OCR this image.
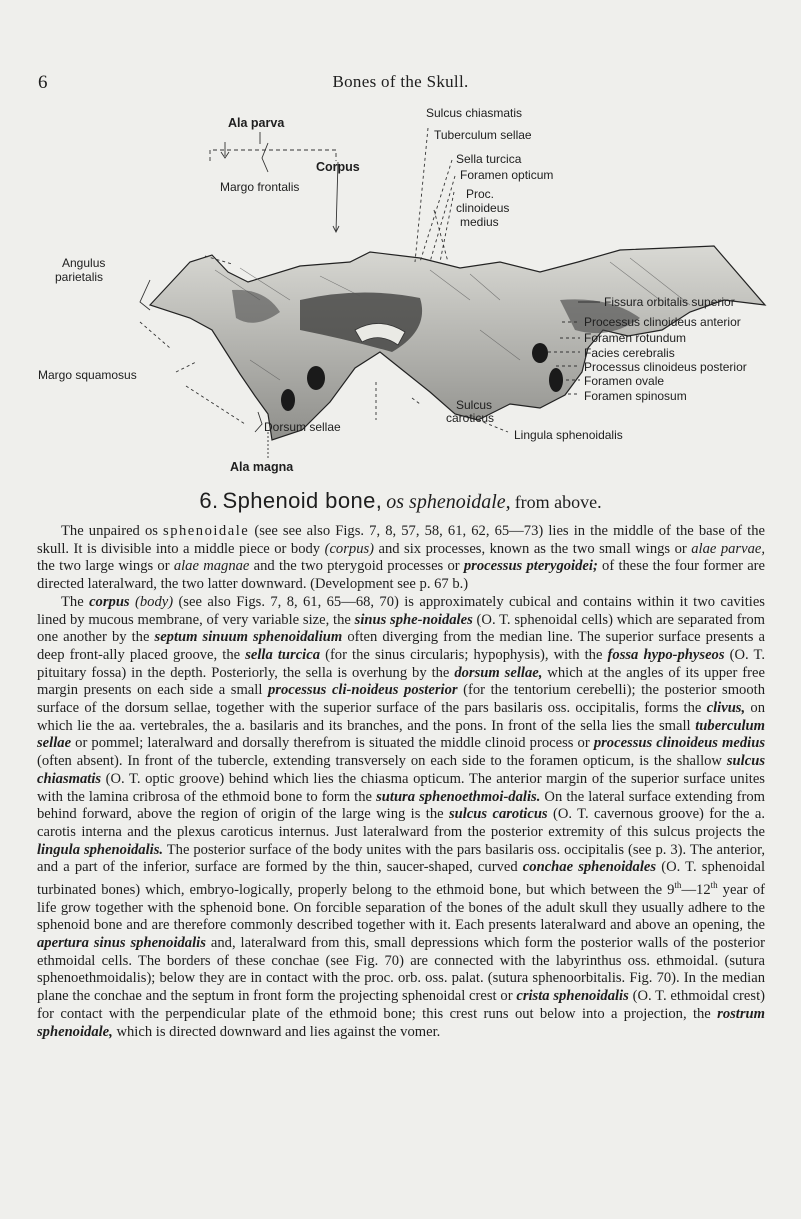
6	Bones of the Skull.
Ala parva
Corpus
Margo frontalis
Angulus
parietalis
Margo squamosus
Dorsum sellae
Ala magna
Sulcus chiasmatis
Tuberculum sellae
Sella turcica
Foramen opticum
Proc.
clinoideus
medius
Sulcus
caroticus
Lingula sphenoidalis
Fissura orbitalis superior
Processus clinoideus anterior
Foramen rotundum
Facies cerebralis
Processus clinoideus posterior
Foramen ovale
Foramen spinosum
6. Sphenoid bone, os sphenoidale, from above.

The unpaired os sphenoidale (see see also Figs. 7, 8, 57, 58, 61, 62, 65—73) lies in the middle of the base of the skull. It is divisible into a middle piece or body (corpus) and six processes, known as the two small wings or alae parvae, the two large wings or alae magnae and the two pterygoid processes or processus pterygoidei; of these the four former are directed lateralward, the two latter downward. (Development see p. 67 b.)

The corpus (body) (see also Figs. 7, 8, 61, 65—68, 70) is approximately cubical and contains within it two cavities lined by mucous membrane, of very variable size, the sinus sphe-noidales (O. T. sphenoidal cells) which are separated from one another by the septum sinuum sphenoidalium often diverging from the median line. The superior surface presents a deep front-ally placed groove, the sella turcica (for the sinus circularis; hypophysis), with the fossa hypo-physeos (O. T. pituitary fossa) in the depth. Posteriorly, the sella is overhung by the dorsum sellae, which at the angles of its upper free margin presents on each side a small processus cli-noideus posterior (for the tentorium cerebelli); the posterior smooth surface of the dorsum sellae, together with the superior surface of the pars basilaris oss. occipitalis, forms the clivus, on which lie the aa. vertebrales, the a. basilaris and its branches, and the pons. In front of the sella lies the small tuberculum sellae or pommel; lateralward and dorsally therefrom is situated the middle clinoid process or processus clinoideus medius (often absent). In front of the tubercle, extending transversely on each side to the foramen opticum, is the shallow sulcus chiasmatis (O. T. optic groove) behind which lies the chiasma opticum. The anterior margin of the superior surface unites with the lamina cribrosa of the ethmoid bone to form the sutura sphenoethmoi-dalis. On the lateral surface extending from behind forward, above the region of origin of the large wing is the sulcus caroticus (O. T. cavernous groove) for the a. carotis interna and the plexus caroticus internus. Just lateralward from the posterior extremity of this sulcus projects the lingula sphenoidalis. The posterior surface of the body unites with the pars basilaris oss. occipitalis (see p. 3). The anterior, and a part of the inferior, surface are formed by the thin, saucer-shaped, curved conchae sphenoidales (O. T. sphenoidal turbinated bones) which, embryo-logically, properly belong to the ethmoid bone, but which between the 9th—12th year of life grow together with the sphenoid bone. On forcible separation of the bones of the adult skull they usually adhere to the sphenoid bone and are therefore commonly described together with it. Each presents lateralward and above an opening, the apertura sinus sphenoidalis and, lateralward from this, small depressions which form the posterior walls of the posterior ethmoidal cells. The borders of these conchae (see Fig. 70) are connected with the labyrinthus oss. ethmoidal. (sutura sphenoethmoidalis); below they are in contact with the proc. orb. oss. palat. (sutura sphenoorbitalis. Fig. 70). In the median plane the conchae and the septum in front form the projecting sphenoidal crest or crista sphenoidalis (O. T. ethmoidal crest) for contact with the perpendicular plate of the ethmoid bone; this crest runs out below into a projection, the rostrum sphenoidale, which is directed downward and lies against the vomer.
